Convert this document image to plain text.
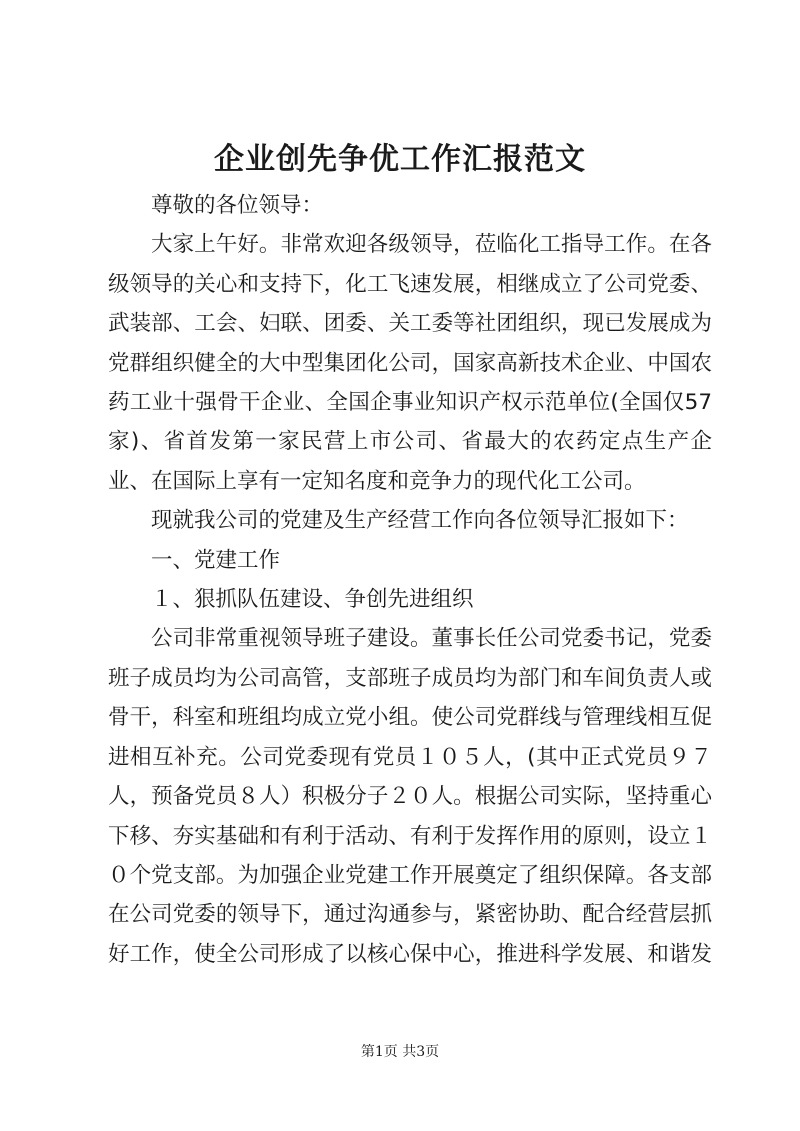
企业创先争优工作汇报范文

尊敬的各位领导：

大家上午好。非常欢迎各级领导，莅临化工指导工作。在各级领导的关心和支持下，化工飞速发展，相继成立了公司党委、武装部、工会、妇联、团委、关工委等社团组织，现已发展成为党群组织健全的大中型集团化公司，国家高新技术企业、中国农药工业十强骨干企业、全国企事业知识产权示范单位(全国仅57家)、省首发第一家民营上市公司、省最大的农药定点生产企业、在国际上享有一定知名度和竞争力的现代化工公司。

现就我公司的党建及生产经营工作向各位领导汇报如下：

一、党建工作

１、狠抓队伍建设、争创先进组织

公司非常重视领导班子建设。董事长任公司党委书记，党委班子成员均为公司高管，支部班子成员均为部门和车间负责人或骨干，科室和班组均成立党小组。使公司党群线与管理线相互促进相互补充。公司党委现有党员１０５人，(其中正式党员９７人，预备党员８人）积极分子２０人。根据公司实际，坚持重心下移、夯实基础和有利于活动、有利于发挥作用的原则，设立１０个党支部。为加强企业党建工作开展奠定了组织保障。各支部在公司党委的领导下，通过沟通参与，紧密协助、配合经营层抓好工作，使全公司形成了以核心保中心，推进科学发展、和谐发

第1页 共3页
